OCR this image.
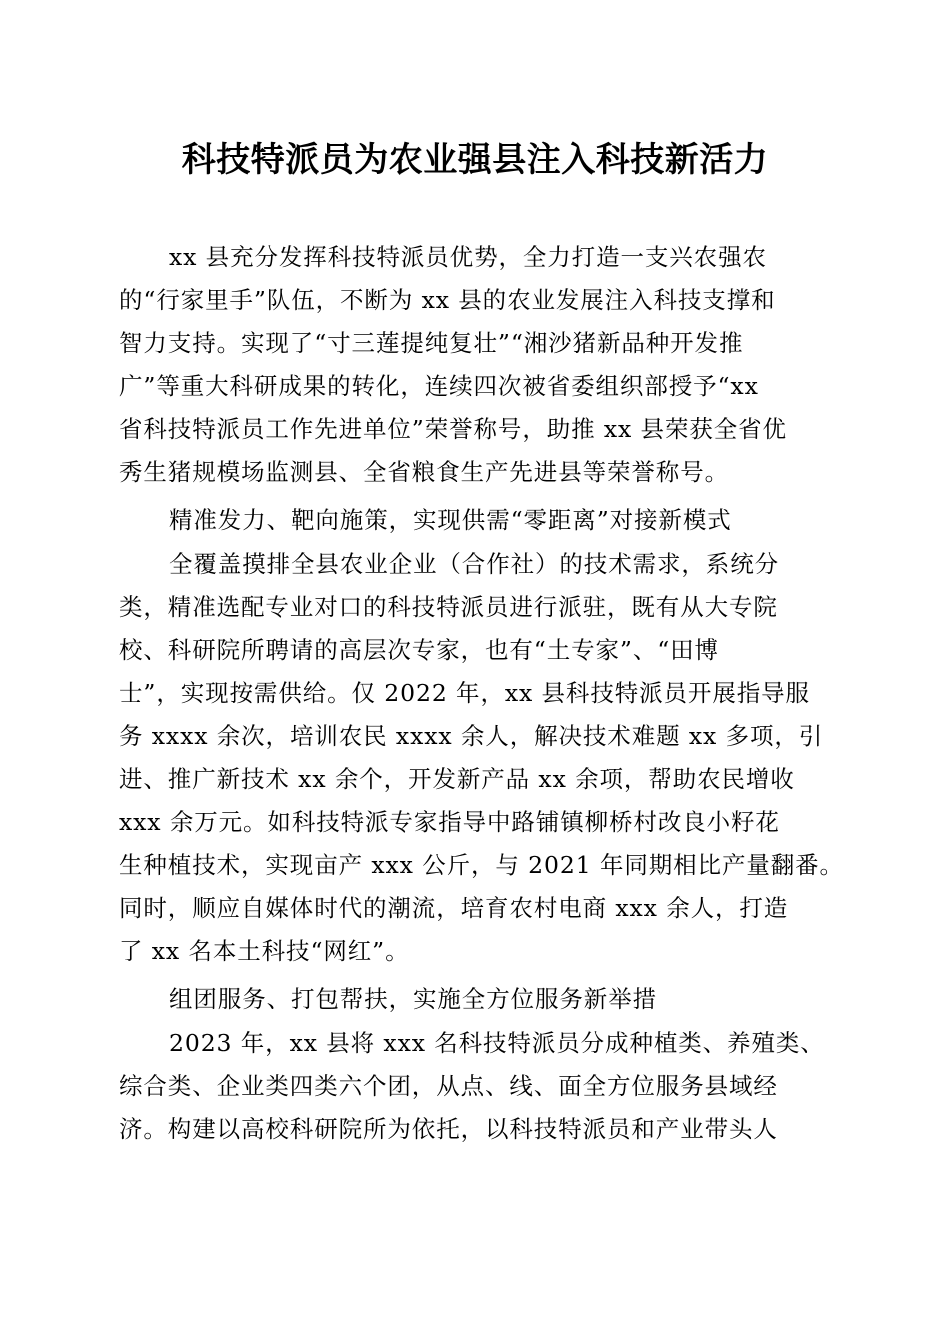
科技特派员为农业强县注入科技新活力
xx 县充分发挥科技特派员优势，全力打造一支兴农强农
的“行家里手”队伍，不断为 xx 县的农业发展注入科技支撑和
智力支持。实现了“寸三莲提纯复壮”“湘沙猪新品种开发推
广”等重大科研成果的转化，连续四次被省委组织部授予“xx
省科技特派员工作先进单位”荣誉称号，助推 xx 县荣获全省优
秀生猪规模场监测县、全省粮食生产先进县等荣誉称号。
精准发力、靶向施策，实现供需“零距离”对接新模式
全覆盖摸排全县农业企业（合作社）的技术需求，系统分
类，精准选配专业对口的科技特派员进行派驻，既有从大专院
校、科研院所聘请的高层次专家，也有“土专家”、“田博
士”，实现按需供给。仅 2022 年，xx 县科技特派员开展指导服
务 xxxx 余次，培训农民 xxxx 余人，解决技术难题 xx 多项，引
进、推广新技术 xx 余个，开发新产品 xx 余项，帮助农民增收
xxx 余万元。如科技特派专家指导中路铺镇柳桥村改良小籽花
生种植技术，实现亩产 xxx 公斤，与 2021 年同期相比产量翻番。
同时，顺应自媒体时代的潮流，培育农村电商 xxx 余人，打造
了 xx 名本土科技“网红”。
组团服务、打包帮扶，实施全方位服务新举措
2023 年，xx 县将 xxx 名科技特派员分成种植类、养殖类、
综合类、企业类四类六个团，从点、线、面全方位服务县域经
济。构建以高校科研院所为依托，以科技特派员和产业带头人
